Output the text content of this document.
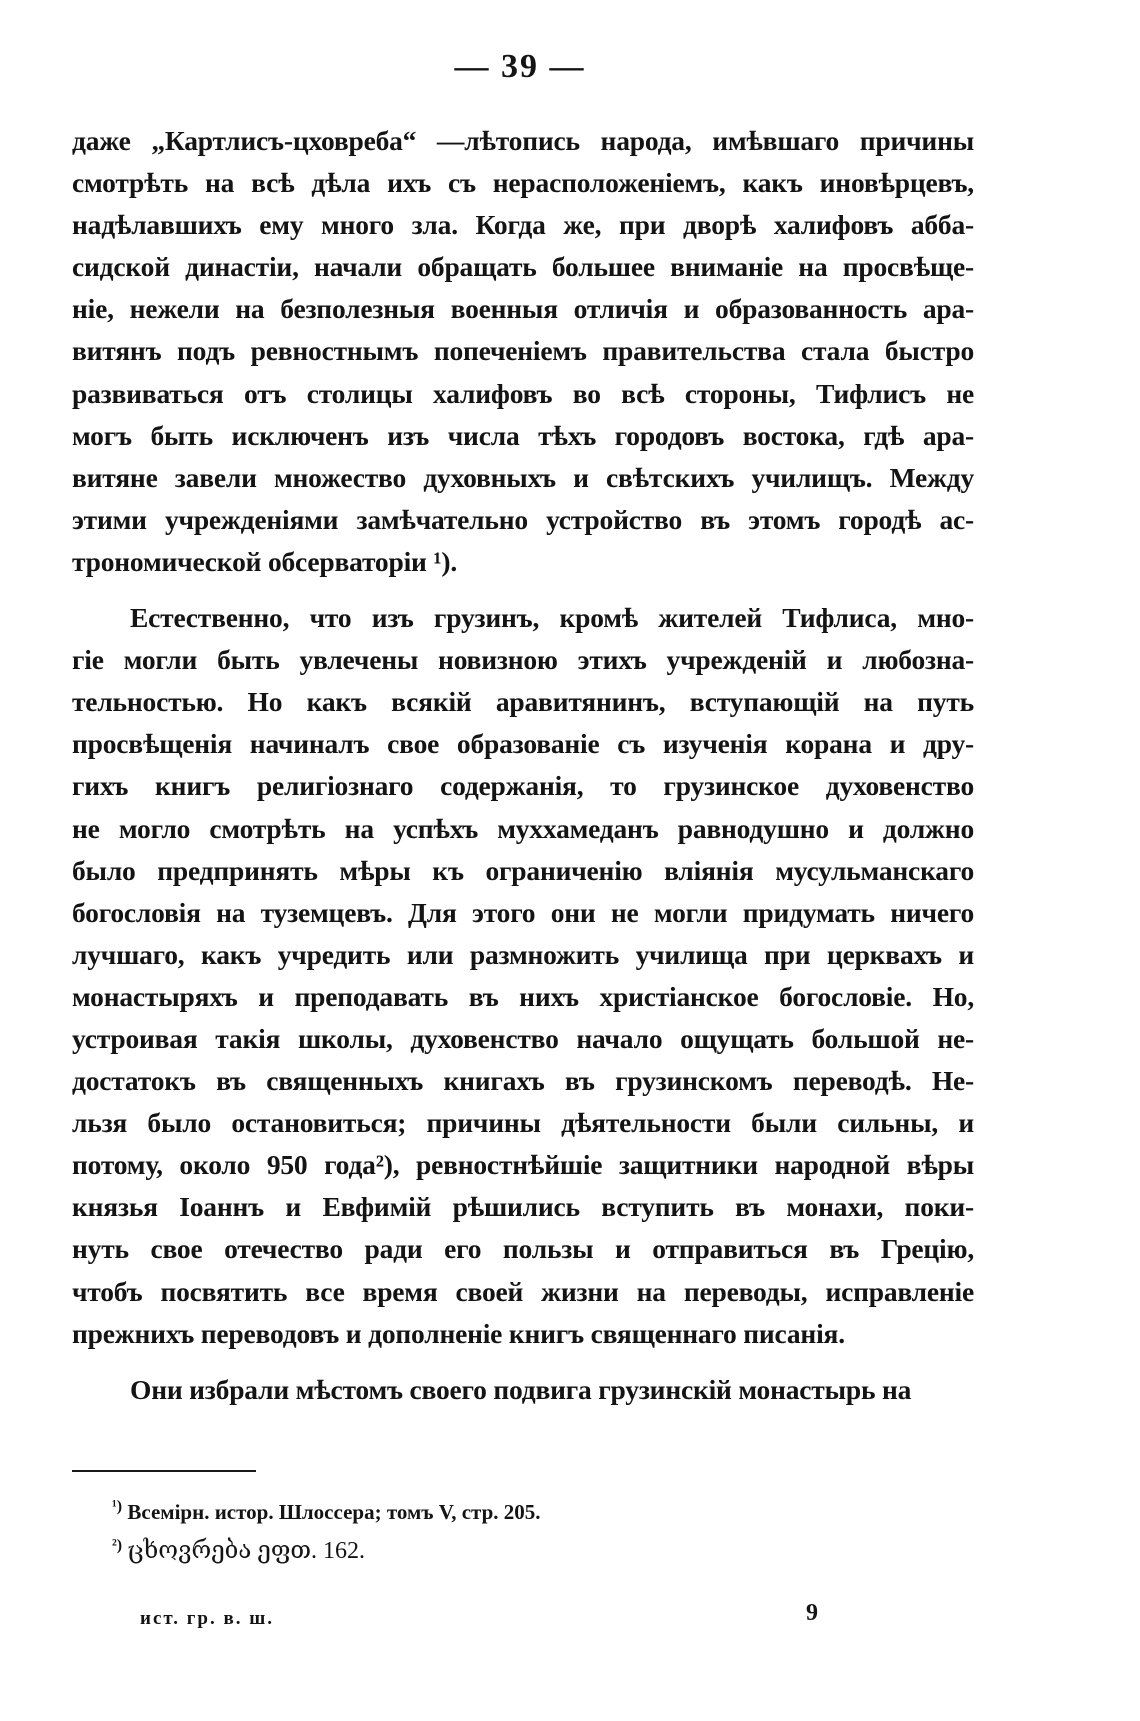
— 39 —
даже „Картлисъ-цховреба“ —лѣтопись народа, имѣвшаго причины
смотрѣть на всѣ дѣла ихъ съ нерасположеніемъ, какъ иновѣрцевъ,
надѣлавшихъ ему много зла. Когда же, при дворѣ халифовъ абба-
сидской династіи, начали обращать большее вниманіе на просвѣще-
ніе, нежели на безполезныя военныя отличія и образованность ара-
витянъ подъ ревностнымъ попеченіемъ правительства стала быстро
развиваться отъ столицы халифовъ во всѣ стороны, Тифлисъ не
могъ быть исключенъ изъ числа тѣхъ городовъ востока, гдѣ ара-
витяне завели множество духовныхъ и свѣтскихъ училищъ. Между
этими учрежденіями замѣчательно устройство въ этомъ городѣ ас-
трономической обсерваторіи ¹).
Естественно, что изъ грузинъ, кромѣ жителей Тифлиса, мно-
гіе могли быть увлечены новизною этихъ учрежденій и любозна-
тельностью. Но какъ всякій аравитянинъ, вступающій на путь
просвѣщенія начиналъ свое образованіе съ изученія корана и дру-
гихъ книгъ религіознаго содержанія, то грузинское духовенство
не могло смотрѣть на успѣхъ муххамеданъ равнодушно и должно
было предпринять мѣры къ ограниченію вліянія мусульманскаго
богословія на туземцевъ. Для этого они не могли придумать ничего
лучшаго, какъ учредить или размножить училища при церквахъ и
монастыряхъ и преподавать въ нихъ христіанское богословіе. Но,
устроивая такія школы, духовенство начало ощущать большой не-
достатокъ въ священныхъ книгахъ въ грузинскомъ переводѣ. Не-
льзя было остановиться; причины дѣятельности были сильны, и
потому, около 950 года²), ревностнѣйшіе защитники народной вѣры
князья Іоаннъ и Евфимій рѣшились вступить въ монахи, поки-
нуть свое отечество ради его пользы и отправиться въ Грецію,
чтобъ посвятить все время своей жизни на переводы, исправленіе
прежнихъ переводовъ и дополненіе книгъ священнаго писанія.
Они избрали мѣстомъ своего подвига грузинскій монастырь на
$^{^1)}$ Всемірн. истор. Шлоссера; томъ V, стр. 205.
$^{^2)}$ ცხოვრება ეფთ. 162.
ист. гр. в. ш.	9
